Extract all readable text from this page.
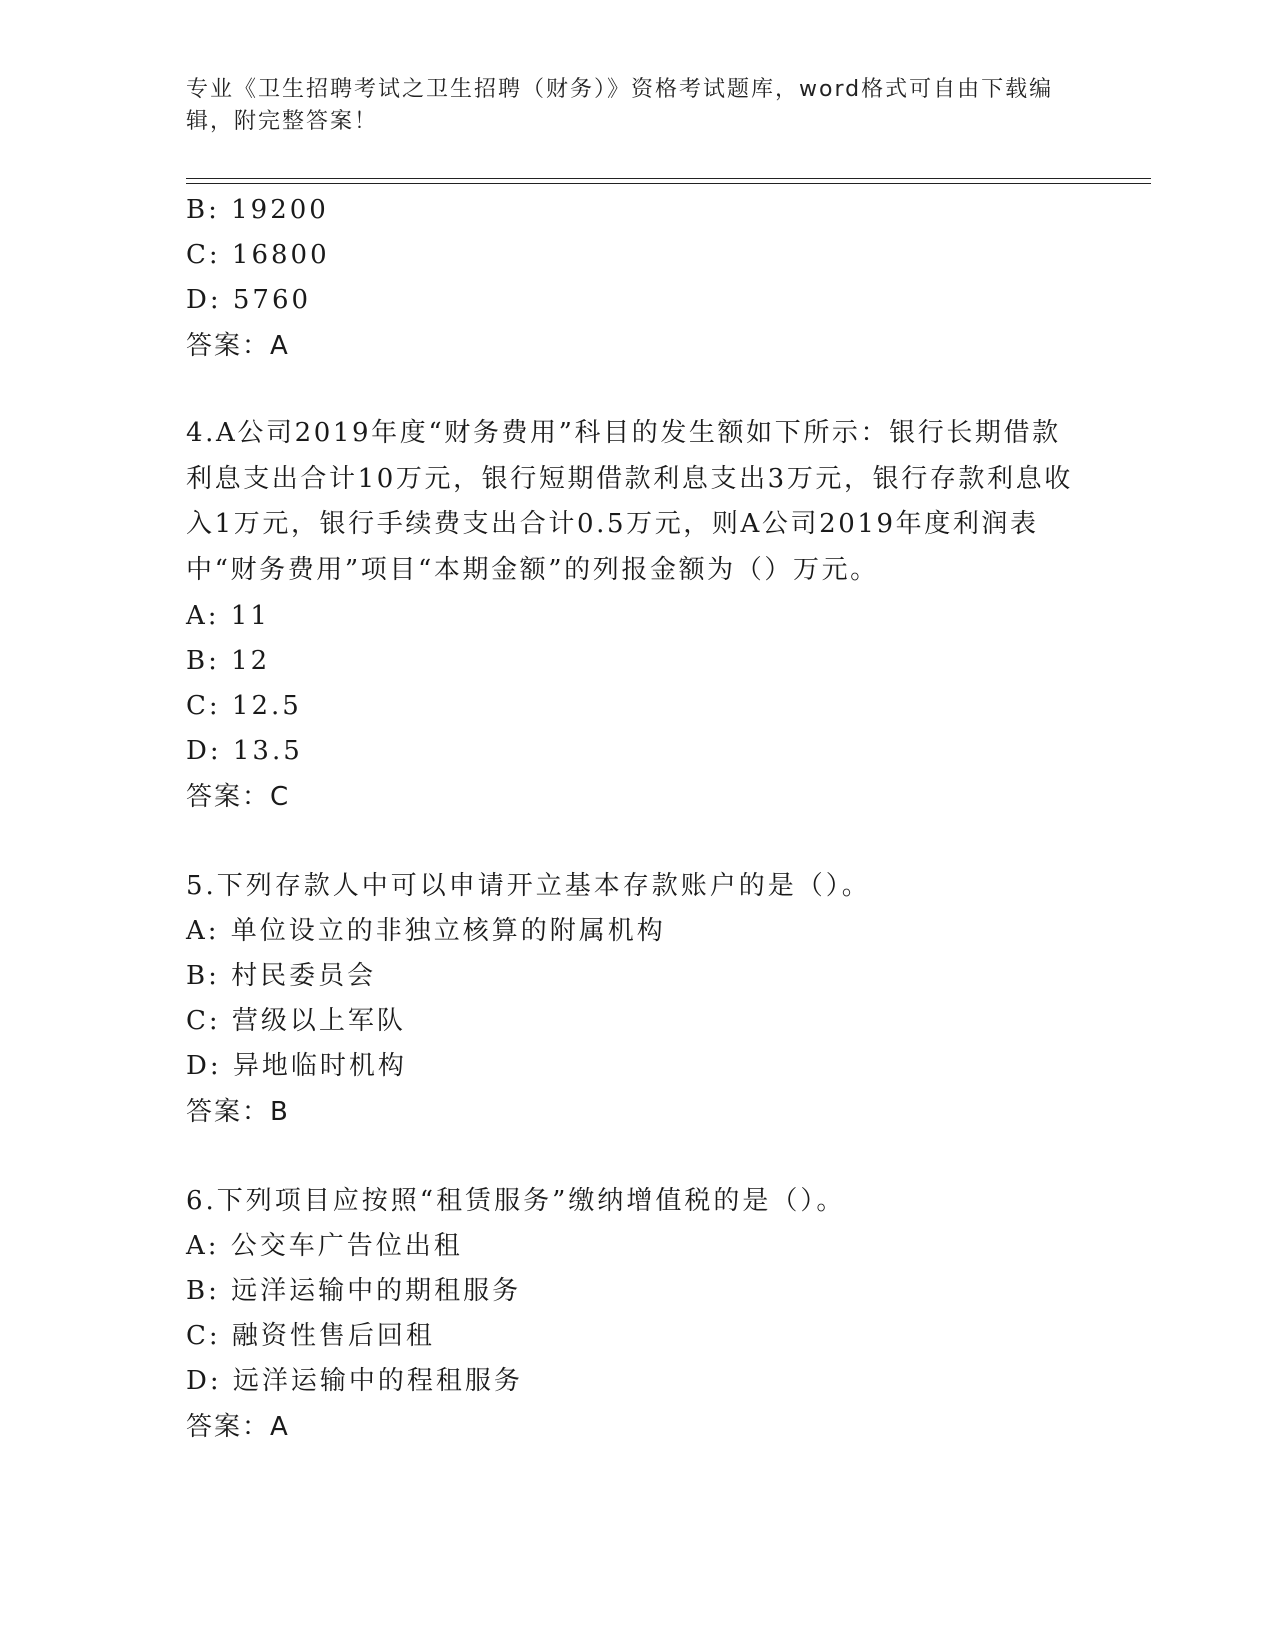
专业《卫生招聘考试之卫生招聘（财务）》资格考试题库，word格式可自由下载编辑，附完整答案！
B: 19200
C: 16800
D: 5760
答案：A
4.A公司2019年度“财务费用”科目的发生额如下所示：银行长期借款利息支出合计10万元，银行短期借款利息支出3万元，银行存款利息收入1万元，银行手续费支出合计0.5万元，则A公司2019年度利润表中“财务费用”项目“本期金额”的列报金额为（）万元。
A: 11
B: 12
C: 12.5
D: 13.5
答案：C
5.下列存款人中可以申请开立基本存款账户的是（）。
A: 单位设立的非独立核算的附属机构
B: 村民委员会
C: 营级以上军队
D: 异地临时机构
答案：B
6.下列项目应按照“租赁服务”缴纳增值税的是（）。
A: 公交车广告位出租
B: 远洋运输中的期租服务
C: 融资性售后回租
D: 远洋运输中的程租服务
答案：A
